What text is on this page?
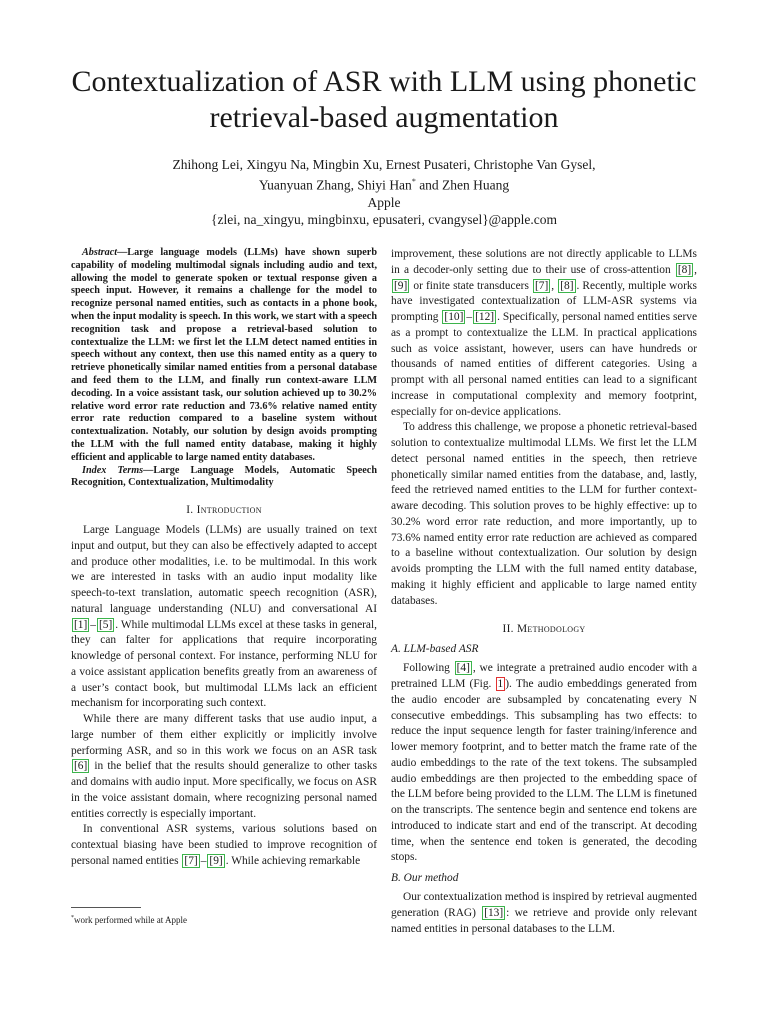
Contextualization of ASR with LLM using phonetic retrieval-based augmentation
Zhihong Lei, Xingyu Na, Mingbin Xu, Ernest Pusateri, Christophe Van Gysel,
Yuanyuan Zhang, Shiyi Han* and Zhen Huang
Apple
{zlei, na_xingyu, mingbinxu, epusateri, cvangysel}@apple.com

Abstract—Large language models (LLMs) have shown superb capability of modeling multimodal signals including audio and text, allowing the model to generate spoken or textual response given a speech input. However, it remains a challenge for the model to recognize personal named entities, such as contacts in a phone book, when the input modality is speech. In this work, we start with a speech recognition task and propose a retrieval-based solution to contextualize the LLM: we first let the LLM detect named entities in speech without any context, then use this named entity as a query to retrieve phonetically similar named entities from a personal database and feed them to the LLM, and finally run context-aware LLM decoding. In a voice assistant task, our solution achieved up to 30.2% relative word error rate reduction and 73.6% relative named entity error rate reduction compared to a baseline system without contextualization. Notably, our solution by design avoids prompting the LLM with the full named entity database, making it highly efficient and applicable to large named entity databases.

Index Terms—Large Language Models, Automatic Speech Recognition, Contextualization, Multimodality

I. Introduction

Large Language Models (LLMs) are usually trained on text input and output, but they can also be effectively adapted to accept and produce other modalities, i.e. to be multimodal. In this work we are interested in tasks with an audio input modality like speech-to-text translation, automatic speech recognition (ASR), natural language understanding (NLU) and conversational AI [1] – [5] . While multimodal LLMs excel at these tasks in general, they can falter for applications that require incorporating knowledge of personal context. For instance, performing NLU for a voice assistant application benefits greatly from an awareness of a user’s contact book, but multimodal LLMs lack an efficient mechanism for incorporating such context.

While there are many different tasks that use audio input, a large number of them either explicitly or implicitly involve performing ASR, and so in this work we focus on an ASR task [6] in the belief that the results should generalize to other tasks and domains with audio input. More specifically, we focus on ASR in the voice assistant domain, where recognizing personal named entities correctly is especially important.

In conventional ASR systems, various solutions based on contextual biasing have been studied to improve recognition of personal named entities [7] – [9] . While achieving remarkable

*work performed while at Apple

improvement, these solutions are not directly applicable to LLMs in a decoder-only setting due to their use of cross-attention [8] , [9] or finite state transducers [7] , [8] . Recently, multiple works have investigated contextualization of LLM-ASR systems via prompting [10] – [12] . Specifically, personal named entities serve as a prompt to contextualize the LLM. In practical applications such as voice assistant, however, users can have hundreds or thousands of named entities of different categories. Using a prompt with all personal named entities can lead to a significant increase in computational complexity and memory footprint, especially for on-device applications.

To address this challenge, we propose a phonetic retrieval-based solution to contextualize multimodal LLMs. We first let the LLM detect personal named entities in the speech, then retrieve phonetically similar named entities from the database, and, lastly, feed the retrieved named entities to the LLM for further context-aware decoding. This solution proves to be highly effective: up to 30.2% word error rate reduction, and more importantly, up to 73.6% named entity error rate reduction are achieved as compared to a baseline without contextualization. Our solution by design avoids prompting the LLM with the full named entity database, making it highly efficient and applicable to large named entity databases.

II. Methodology
A. LLM-based ASR

Following [4] , we integrate a pretrained audio encoder with a pretrained LLM (Fig. 1 ). The audio embeddings generated from the audio encoder are subsampled by concatenating every N consecutive embeddings. This subsampling has two effects: to reduce the input sequence length for faster training/inference and lower memory footprint, and to better match the frame rate of the audio embeddings to the rate of the text tokens. The subsampled audio embeddings are then projected to the embedding space of the LLM before being provided to the LLM. The LLM is finetuned on the transcripts. The sentence begin and sentence end tokens are introduced to indicate start and end of the transcript. At decoding time, when the sentence end token is generated, the decoding stops.

B. Our method

Our contextualization method is inspired by retrieval augmented generation (RAG) [13] : we retrieve and provide only relevant named entities in personal databases to the LLM.
